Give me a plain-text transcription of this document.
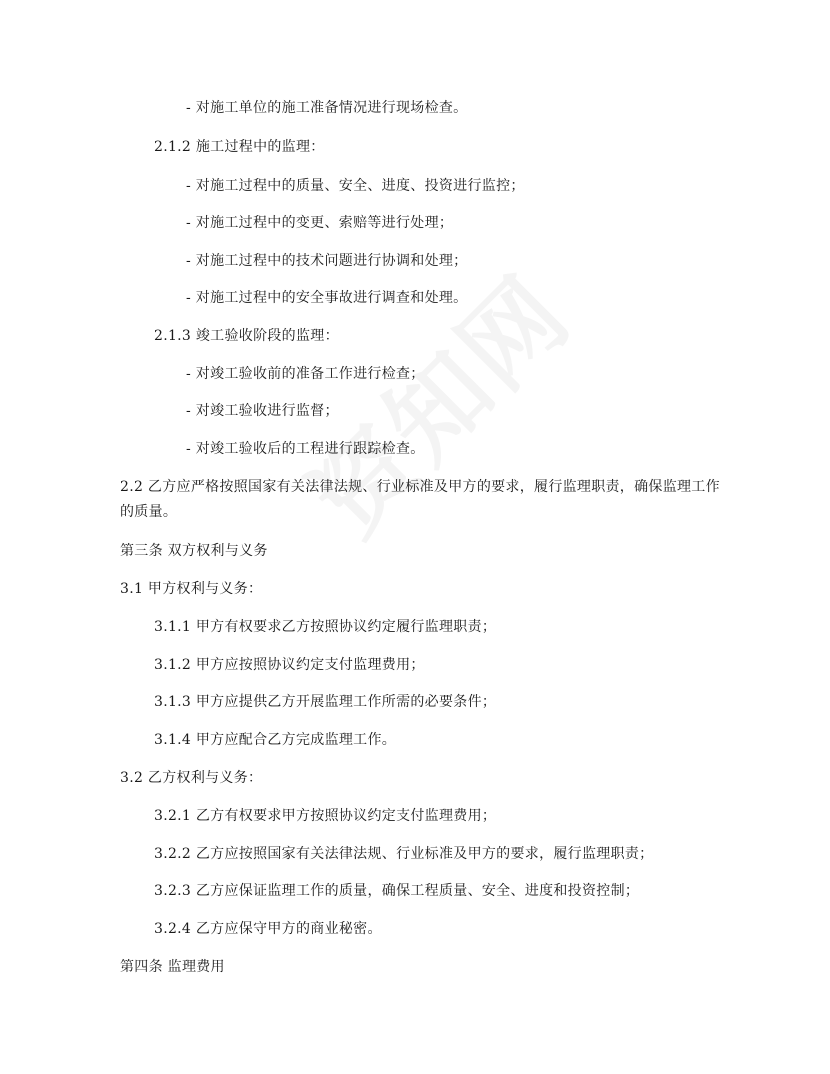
- 对施工单位的施工准备情况进行现场检查。
2.1.2 施工过程中的监理：
- 对施工过程中的质量、安全、进度、投资进行监控；
- 对施工过程中的变更、索赔等进行处理；
- 对施工过程中的技术问题进行协调和处理；
- 对施工过程中的安全事故进行调查和处理。
2.1.3 竣工验收阶段的监理：
- 对竣工验收前的准备工作进行检查；
- 对竣工验收进行监督；
- 对竣工验收后的工程进行跟踪检查。
2.2 乙方应严格按照国家有关法律法规、行业标准及甲方的要求，履行监理职责，确保监理工作的质量。
第三条 双方权利与义务
3.1 甲方权利与义务：
3.1.1 甲方有权要求乙方按照协议约定履行监理职责；
3.1.2 甲方应按照协议约定支付监理费用；
3.1.3 甲方应提供乙方开展监理工作所需的必要条件；
3.1.4 甲方应配合乙方完成监理工作。
3.2 乙方权利与义务：
3.2.1 乙方有权要求甲方按照协议约定支付监理费用；
3.2.2 乙方应按照国家有关法律法规、行业标准及甲方的要求，履行监理职责；
3.2.3 乙方应保证监理工作的质量，确保工程质量、安全、进度和投资控制；
3.2.4 乙方应保守甲方的商业秘密。
第四条 监理费用
